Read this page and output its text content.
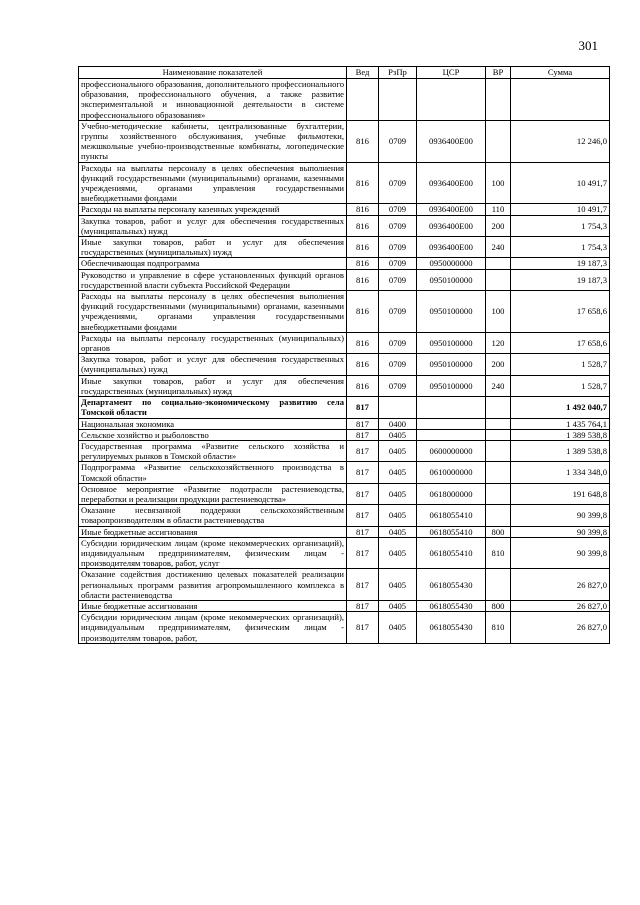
301
Наименование показателей	Вед	РзПр	ЦСР	ВР	Сумма
профессионального образования, дополнительного профессионального образования, профессионального обучения, а также развитие экспериментальной и инновационной деятельности в системе профессионального образования»					
Учебно-методические кабинеты, централизованные бухгалтерии, группы хозяйственного обслуживания, учебные фильмотеки, межшкольные учебно-производственные комбинаты, логопедические пункты	816	0709	0936400Е00		12 246,0
Расходы на выплаты персоналу в целях обеспечения выполнения функций государственными (муниципальными) органами, казенными учреждениями, органами управления государственными внебюджетными фондами	816	0709	0936400Е00	100	10 491,7
Расходы на выплаты персоналу казенных учреждений	816	0709	0936400Е00	110	10 491,7
Закупка товаров, работ и услуг для обеспечения государственных (муниципальных) нужд	816	0709	0936400Е00	200	1 754,3
Иные закупки товаров, работ и услуг для обеспечения государственных (муниципальных) нужд	816	0709	0936400Е00	240	1 754,3
Обеспечивающая подпрограмма	816	0709	0950000000		19 187,3
Руководство и управление в сфере установленных функций органов государственной власти субъекта Российской Федерации	816	0709	0950100000		19 187,3
Расходы на выплаты персоналу в целях обеспечения выполнения функций государственными (муниципальными) органами, казенными учреждениями, органами управления государственными внебюджетными фондами	816	0709	0950100000	100	17 658,6
Расходы на выплаты персоналу государственных (муниципальных) органов	816	0709	0950100000	120	17 658,6
Закупка товаров, работ и услуг для обеспечения государственных (муниципальных) нужд	816	0709	0950100000	200	1 528,7
Иные закупки товаров, работ и услуг для обеспечения государственных (муниципальных) нужд	816	0709	0950100000	240	1 528,7
Департамент по социально-экономическому развитию села Томской области	817				1 492 040,7
Национальная экономика	817	0400			1 435 764,1
Сельское хозяйство и рыболовство	817	0405			1 389 538,8
Государственная программа «Развитие сельского хозяйства и регулируемых рынков в Томской области»	817	0405	0600000000		1 389 538,8
Подпрограмма «Развитие сельскохозяйственного производства в Томской области»	817	0405	0610000000		1 334 348,0
Основное мероприятие «Развитие подотрасли растениеводства, переработки и реализации продукции растениеводства»	817	0405	0618000000		191 648,8
Оказание несвязанной поддержки сельскохозяйственным товаропроизводителям в области растениеводства	817	0405	0618055410		90 399,8
Иные бюджетные ассигнования	817	0405	0618055410	800	90 399,8
Субсидии юридическим лицам (кроме некоммерческих организаций), индивидуальным предпринимателям, физическим лицам - производителям товаров, работ, услуг	817	0405	0618055410	810	90 399,8
Оказание содействия достижению целевых показателей реализации региональных программ развития агропромышленного комплекса в области растениеводства	817	0405	0618055430		26 827,0
Иные бюджетные ассигнования	817	0405	0618055430	800	26 827,0
Субсидии юридическим лицам (кроме некоммерческих организаций), индивидуальным предпринимателям, физическим лицам - производителям товаров, работ,	817	0405	0618055430	810	26 827,0
